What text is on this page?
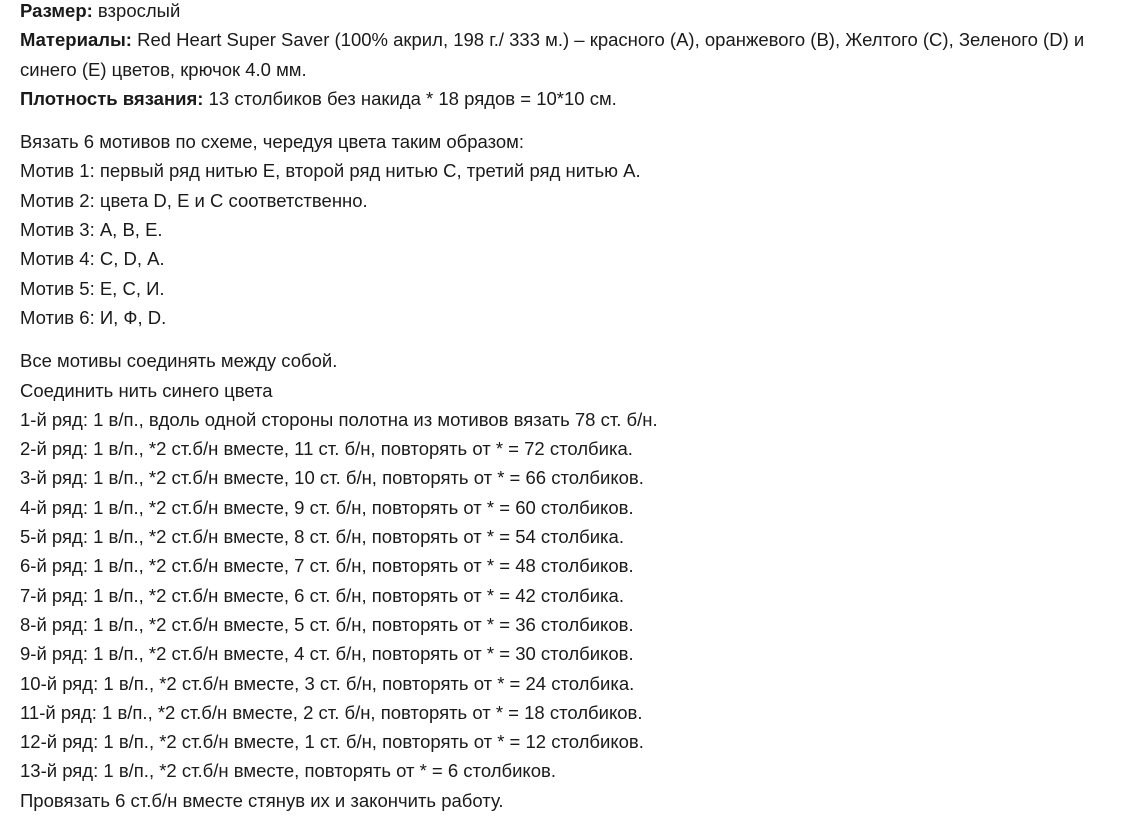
Размер: взрослый
Материалы: Red Heart Super Saver (100% акрил, 198 г./ 333 м.) – красного (А), оранжевого (В), Желтого (С), Зеленого (D) и синего (E) цветов, крючок 4.0 мм.
Плотность вязания: 13 столбиков без накида * 18 рядов = 10*10 см.
Вязать 6 мотивов по схеме, чередуя цвета таким образом:
Мотив 1: первый ряд нитью Е, второй ряд нитью С, третий ряд нитью А.
Мотив 2: цвета D, E и С соответственно.
Мотив 3: А, В, Е.
Мотив 4: С, D, А.
Мотив 5: Е, С, И.
Мотив 6: И, Ф, D.
Все мотивы соединять между собой.
Соединить нить синего цвета
1-й ряд: 1 в/п., вдоль одной стороны полотна из мотивов вязать 78 ст. б/н.
2-й ряд: 1 в/п., *2 ст.б/н вместе, 11 ст. б/н, повторять от * = 72 столбика.
3-й ряд: 1 в/п., *2 ст.б/н вместе, 10 ст. б/н, повторять от * = 66 столбиков.
4-й ряд: 1 в/п., *2 ст.б/н вместе, 9 ст. б/н, повторять от * = 60 столбиков.
5-й ряд: 1 в/п., *2 ст.б/н вместе, 8 ст. б/н, повторять от * = 54 столбика.
6-й ряд: 1 в/п., *2 ст.б/н вместе, 7 ст. б/н, повторять от * = 48 столбиков.
7-й ряд: 1 в/п., *2 ст.б/н вместе, 6 ст. б/н, повторять от * = 42 столбика.
8-й ряд: 1 в/п., *2 ст.б/н вместе, 5 ст. б/н, повторять от * = 36 столбиков.
9-й ряд: 1 в/п., *2 ст.б/н вместе, 4 ст. б/н, повторять от * = 30 столбиков.
10-й ряд: 1 в/п., *2 ст.б/н вместе, 3 ст. б/н, повторять от * = 24 столбика.
11-й ряд: 1 в/п., *2 ст.б/н вместе, 2 ст. б/н, повторять от * = 18 столбиков.
12-й ряд: 1 в/п., *2 ст.б/н вместе, 1 ст. б/н, повторять от * = 12 столбиков.
13-й ряд: 1 в/п., *2 ст.б/н вместе, повторять от * = 6 столбиков.
Провязать 6 ст.б/н вместе стянув их и закончить работу.
